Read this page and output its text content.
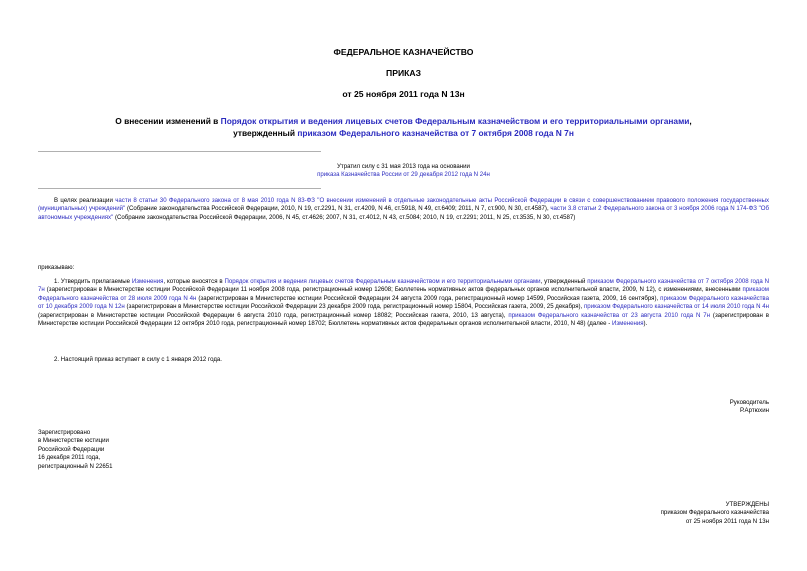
ФЕДЕРАЛЬНОЕ КАЗНАЧЕЙСТВО
ПРИКАЗ
от 25 ноября 2011 года N 13н
О внесении изменений в Порядок открытия и ведения лицевых счетов Федеральным казначейством и его территориальными органами, утвержденный приказом Федерального казначейства от 7 октября 2008 года N 7н
Утратил силу с 31 мая 2013 года на основании
приказа Казначейства России от 29 декабря 2012 года N 24н
В целях реализации части 8 статьи 30 Федерального закона от 8 мая 2010 года N 83-ФЗ "О внесении изменений в отдельные законодательные акты Российской Федерации в связи с совершенствованием правового положения государственных (муниципальных) учреждений" (Собрание законодательства Российской Федерации, 2010, N 19, ст.2291, N 31, ст.4209, N 46, ст.5918, N 49, ст.6409; 2011, N 7, ст.900, N 30, ст.4587), части 3.8 статьи 2 Федерального закона от 3 ноября 2006 года N 174-ФЗ "Об автономных учреждениях" (Собрание законодательства Российской Федерации, 2006, N 45, ст.4626; 2007, N 31, ст.4012, N 43, ст.5084; 2010, N 19, ст.2291; 2011, N 25, ст.3535, N 30, ст.4587)
приказываю:
1. Утвердить прилагаемые Изменения, которые вносятся в Порядок открытия и ведения лицевых счетов Федеральным казначейством и его территориальными органами, утвержденный приказом Федерального казначейства от 7 октября 2008 года N 7н (зарегистрирован в Министерстве юстиции Российской Федерации 11 ноября 2008 года, регистрационный номер 12608; Бюллетень нормативных актов федеральных органов исполнительной власти, 2009, N 12), с изменениями, внесенными приказом Федерального казначейства от 28 июля 2009 года N 4н (зарегистрирован в Министерстве юстиции Российской Федерации 24 августа 2009 года, регистрационный номер 14599, Российская газета, 2009, 16 сентября), приказом Федерального казначейства от 10 декабря 2009 года N 12н (зарегистрирован в Министерстве юстиции Российской Федерации 23 декабря 2009 года, регистрационный номер 15804, Российская газета, 2009, 25 декабря), приказом Федерального казначейства от 14 июля 2010 года N 4н (зарегистрирован в Министерстве юстиции Российской Федерации 6 августа 2010 года, регистрационный номер 18082; Российская газета, 2010, 13 августа), приказом Федерального казначейства от 23 августа 2010 года N 7н (зарегистрирован в Министерстве юстиции Российской Федерации 12 октября 2010 года, регистрационный номер 18702; Бюллетень нормативных актов федеральных органов исполнительной власти, 2010, N 48) (далее - Изменения).
2. Настоящий приказ вступает в силу с 1 января 2012 года.
Руководитель
Р.Артюхин
Зарегистрировано
в Министерстве юстиции
Российской Федерации
16 декабря 2011 года,
регистрационный N 22651
УТВЕРЖДЕНЫ
приказом Федерального казначейства
от 25 ноября 2011 года N 13н
